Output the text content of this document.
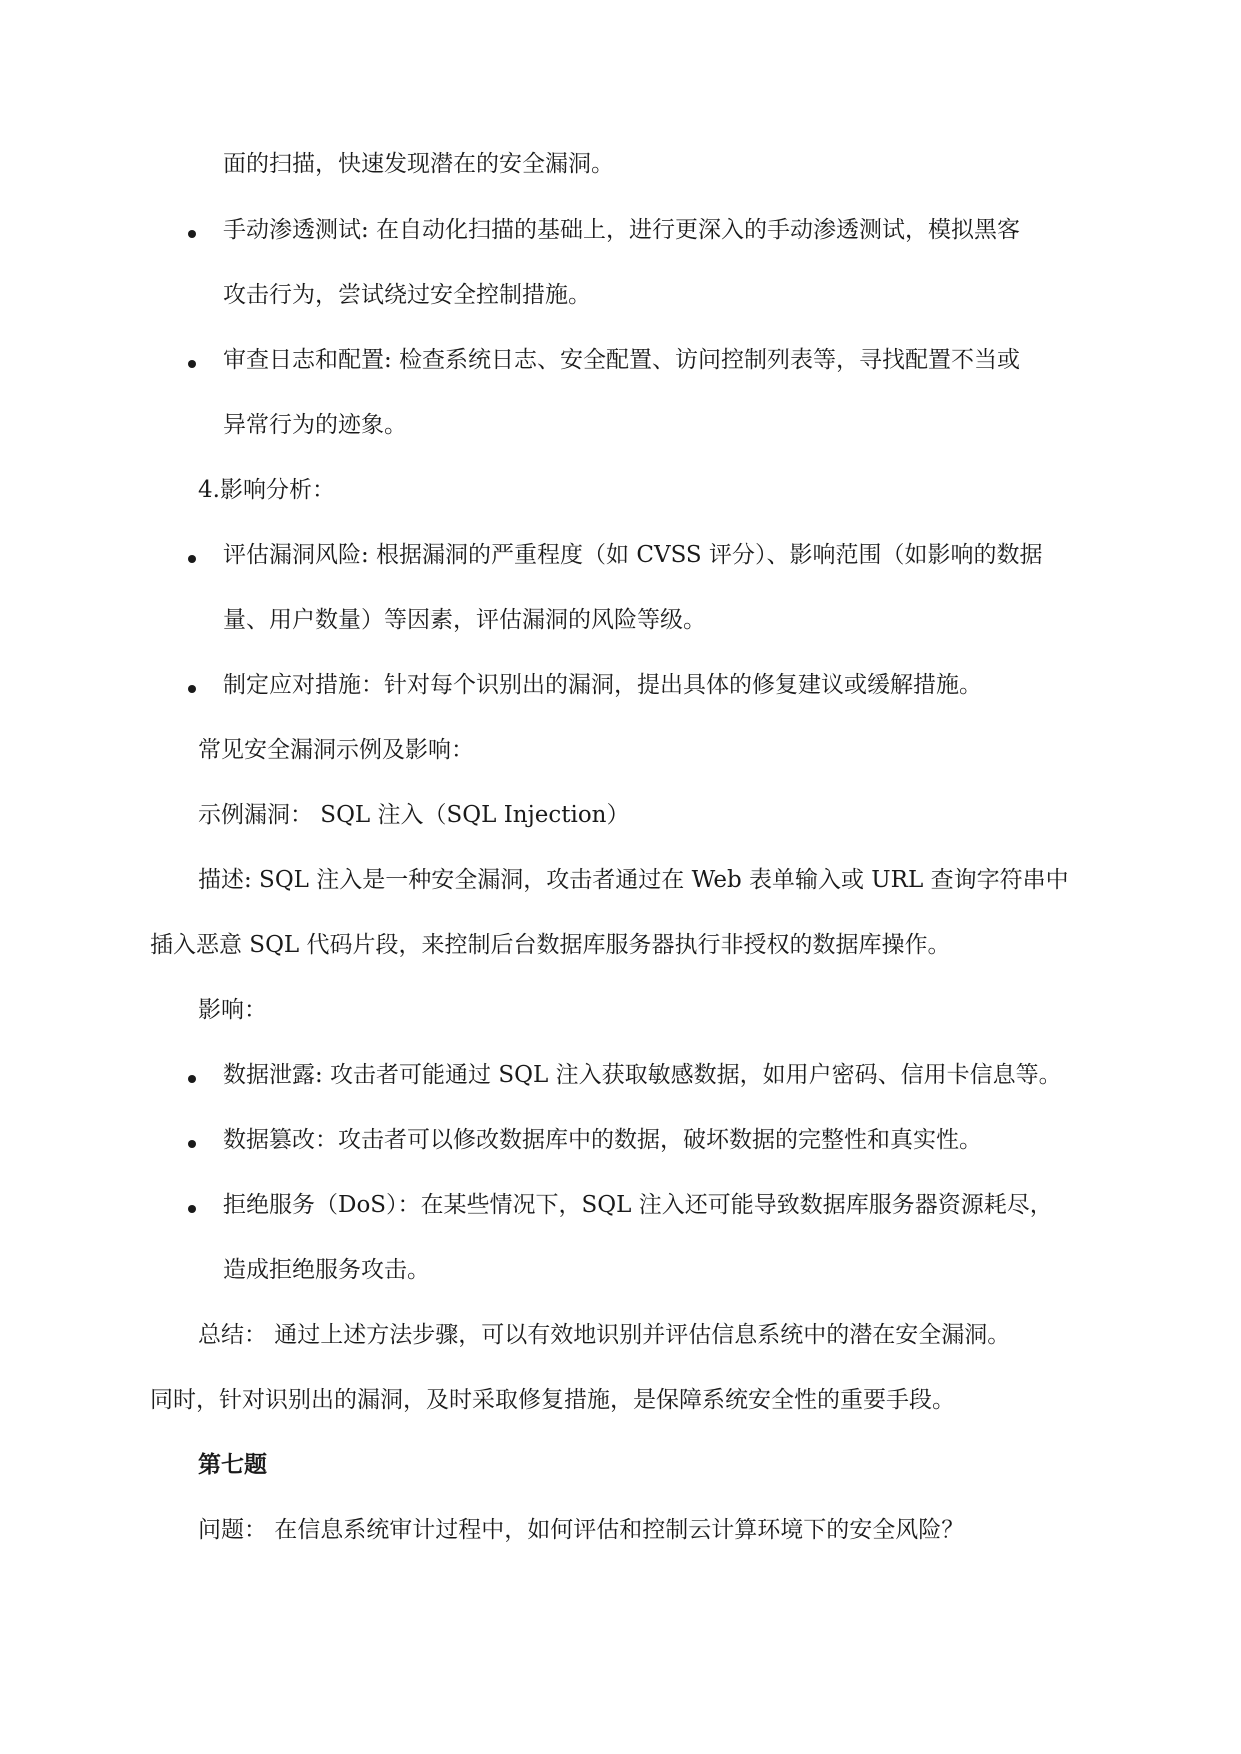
面的扫描，快速发现潜在的安全漏洞。
手动渗透测试: 在自动化扫描的基础上，进行更深入的手动渗透测试，模拟黑客
攻击行为，尝试绕过安全控制措施。
审查日志和配置: 检查系统日志、安全配置、访问控制列表等，寻找配置不当或
异常行为的迹象。
4.影响分析：
评估漏洞风险: 根据漏洞的严重程度（如 CVSS 评分）、影响范围（如影响的数据
量、用户数量）等因素，评估漏洞的风险等级。
制定应对措施：针对每个识别出的漏洞，提出具体的修复建议或缓解措施。
常见安全漏洞示例及影响：
示例漏洞： SQL 注入（SQL Injection）
描述: SQL 注入是一种安全漏洞，攻击者通过在 Web 表单输入或 URL 查询字符串中
插入恶意 SQL 代码片段，来控制后台数据库服务器执行非授权的数据库操作。
影响：
数据泄露: 攻击者可能通过 SQL 注入获取敏感数据，如用户密码、信用卡信息等。
数据篡改：攻击者可以修改数据库中的数据，破坏数据的完整性和真实性。
拒绝服务（DoS）：在某些情况下，SQL 注入还可能导致数据库服务器资源耗尽，
造成拒绝服务攻击。
总结： 通过上述方法步骤，可以有效地识别并评估信息系统中的潜在安全漏洞。
同时，针对识别出的漏洞，及时采取修复措施，是保障系统安全性的重要手段。
第七题
问题： 在信息系统审计过程中，如何评估和控制云计算环境下的安全风险？
